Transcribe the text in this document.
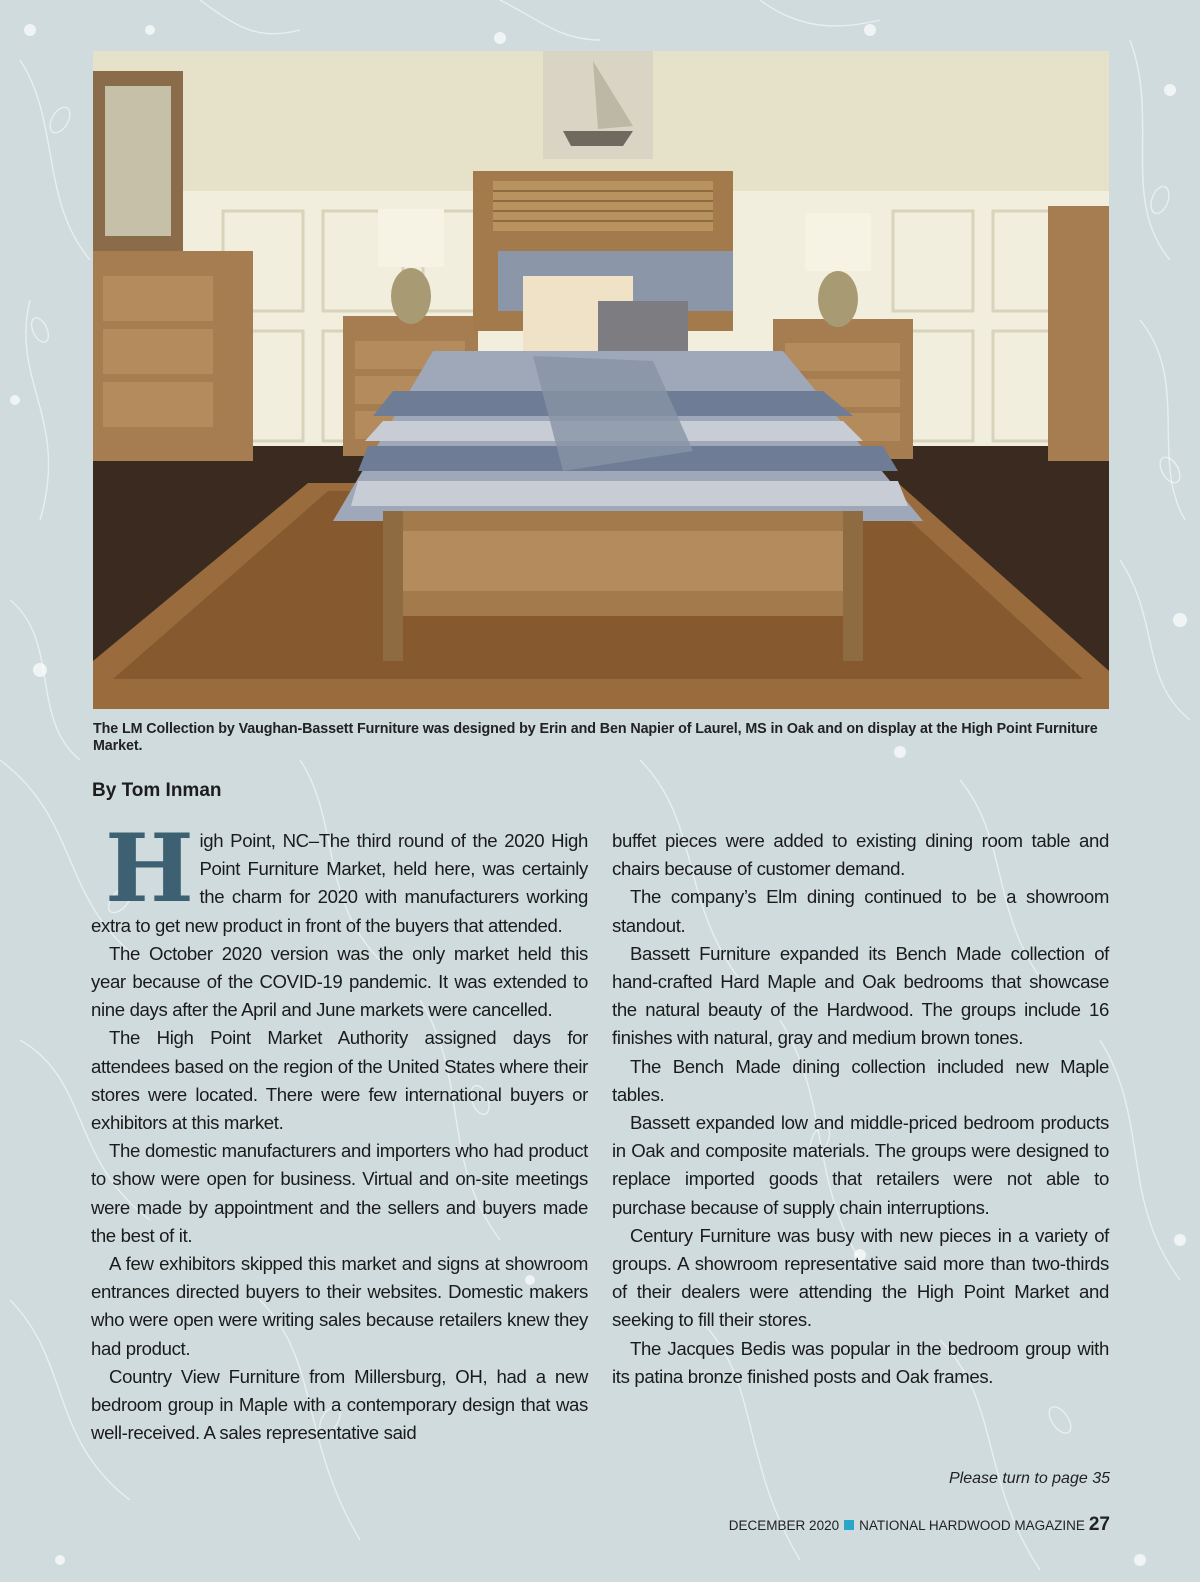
The LM Collection by Vaughan-Bassett Furniture was designed by Erin and Ben Napier of Laurel, MS in Oak and on display at the High Point Furniture Market.
By Tom Inman

High Point, NC–The third round of the 2020 High Point Furniture Market, held here, was certainly the charm for 2020 with manufacturers working extra to get new product in front of the buyers that attended.

The October 2020 version was the only market held this year because of the COVID-19 pandemic. It was extended to nine days after the April and June markets were cancelled.

The High Point Market Authority assigned days for attendees based on the region of the United States where their stores were located. There were few international buyers or exhibitors at this market.

The domestic manufacturers and importers who had product to show were open for business. Virtual and on-site meetings were made by appointment and the sellers and buyers made the best of it.

A few exhibitors skipped this market and signs at showroom entrances directed buyers to their websites. Domestic makers who were open were writing sales because retailers knew they had product.

Country View Furniture from Millersburg, OH, had a new bedroom group in Maple with a contemporary design that was well-received. A sales representative said

buffet pieces were added to existing dining room table and chairs because of customer demand.

The company’s Elm dining continued to be a showroom standout.

Bassett Furniture expanded its Bench Made collection of hand-crafted Hard Maple and Oak bedrooms that showcase the natural beauty of the Hardwood. The groups include 16 finishes with natural, gray and medium brown tones.

The Bench Made dining collection included new Maple tables.

Bassett expanded low and middle-priced bedroom products in Oak and composite materials. The groups were designed to replace imported goods that retailers were not able to purchase because of supply chain interruptions.

Century Furniture was busy with new pieces in a variety of groups. A showroom representative said more than two-thirds of their dealers were attending the High Point Market and seeking to fill their stores.

The Jacques Bedis was popular in the bedroom group with its patina bronze finished posts and Oak frames.

Please turn to page 35
DECEMBER 2020 NATIONAL HARDWOOD MAGAZINE 27
